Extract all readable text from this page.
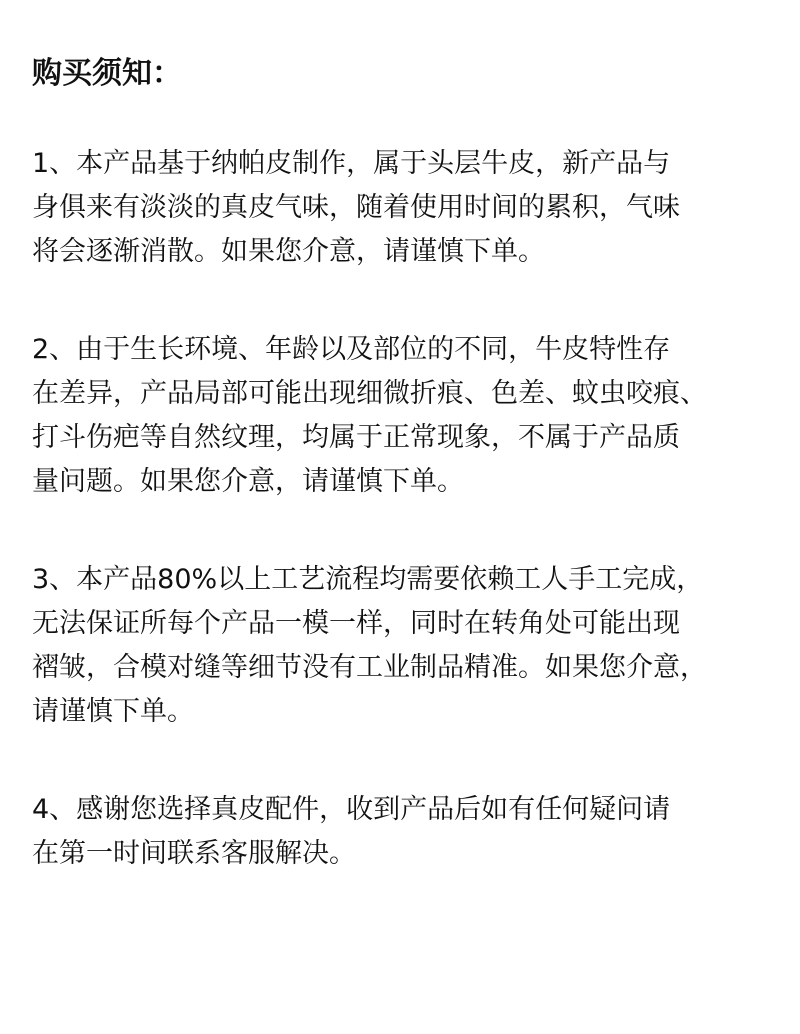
购买须知：
1、本产品基于纳帕皮制作，属于头层牛皮，新产品与
身俱来有淡淡的真皮气味，随着使用时间的累积，气味
将会逐渐消散。如果您介意，请谨慎下单。
2、由于生长环境、年龄以及部位的不同，牛皮特性存
在差异，产品局部可能出现细微折痕、色差、蚊虫咬痕、
打斗伤疤等自然纹理，均属于正常现象，不属于产品质
量问题。如果您介意，请谨慎下单。
3、本产品80%以上工艺流程均需要依赖工人手工完成，
无法保证所每个产品一模一样，同时在转角处可能出现
褶皱，合模对缝等细节没有工业制品精准。如果您介意，
请谨慎下单。
4、感谢您选择真皮配件，收到产品后如有任何疑问请
在第一时间联系客服解决。
